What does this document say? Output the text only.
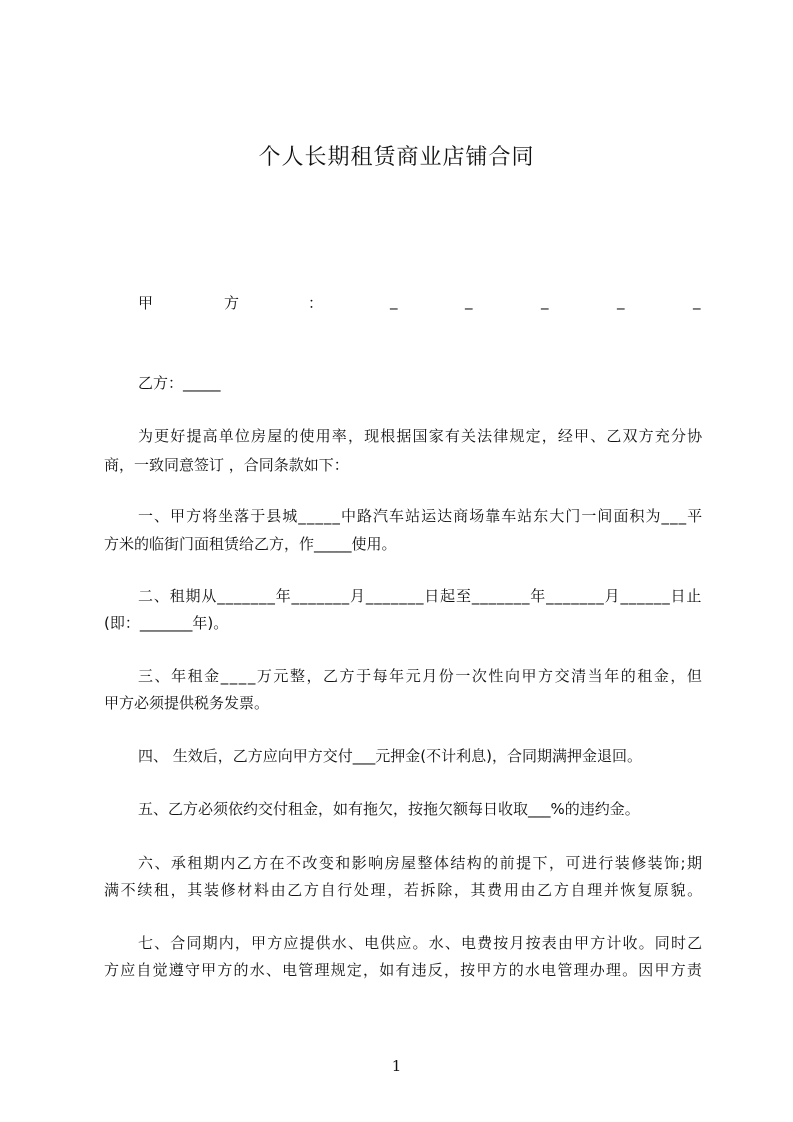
个人长期租赁商业店铺合同
甲	方	：	_	_	_	_	_
乙方：_____
为更好提高单位房屋的使用率，现根据国家有关法律规定，经甲、乙双方充分协
商，一致同意签订 ，合同条款如下：
一、甲方将坐落于县城_____中路汽车站运达商场靠车站东大门一间面积为___平
方米的临街门面租赁给乙方，作_____使用。
二、租期从_______年_______月_______日起至_______年_______月______日止
(即：_______年)。
三、年租金____万元整，乙方于每年元月份一次性向甲方交清当年的租金，但
甲方必须提供税务发票。
四、 生效后，乙方应向甲方交付___元押金(不计利息)，合同期满押金退回。
五、乙方必须依约交付租金，如有拖欠，按拖欠额每日收取___%的违约金。
六、承租期内乙方在不改变和影响房屋整体结构的前提下，可进行装修装饰;期
满不续租，其装修材料由乙方自行处理，若拆除，其费用由乙方自理并恢复原貌。
七、合同期内，甲方应提供水、电供应。水、电费按月按表由甲方计收。同时乙
方应自觉遵守甲方的水、电管理规定，如有违反，按甲方的水电管理办理。因甲方责
1
